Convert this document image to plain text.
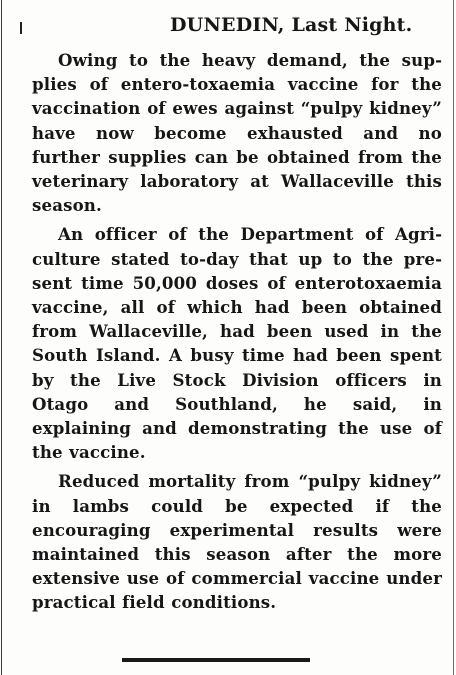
DUNEDIN, Last Night.

Owing to the heavy demand, the supplies of entero-toxaemia vaccine for the vaccination of ewes against “pulpy kidney” have now become exhausted and no further supplies can be obtained from the veterinary laboratory at Wallaceville this season.

An officer of the Department of Agriculture stated to-day that up to the present time 50,000 doses of enterotoxaemia vaccine, all of which had been obtained from Wallaceville, had been used in the South Island. A busy time had been spent by the Live Stock Division officers in Otago and Southland, he said, in explaining and demonstrating the use of the vaccine.

Reduced mortality from “pulpy kidney” in lambs could be expected if the encouraging experimental results were maintained this season after the more extensive use of commercial vaccine under practical field conditions.
